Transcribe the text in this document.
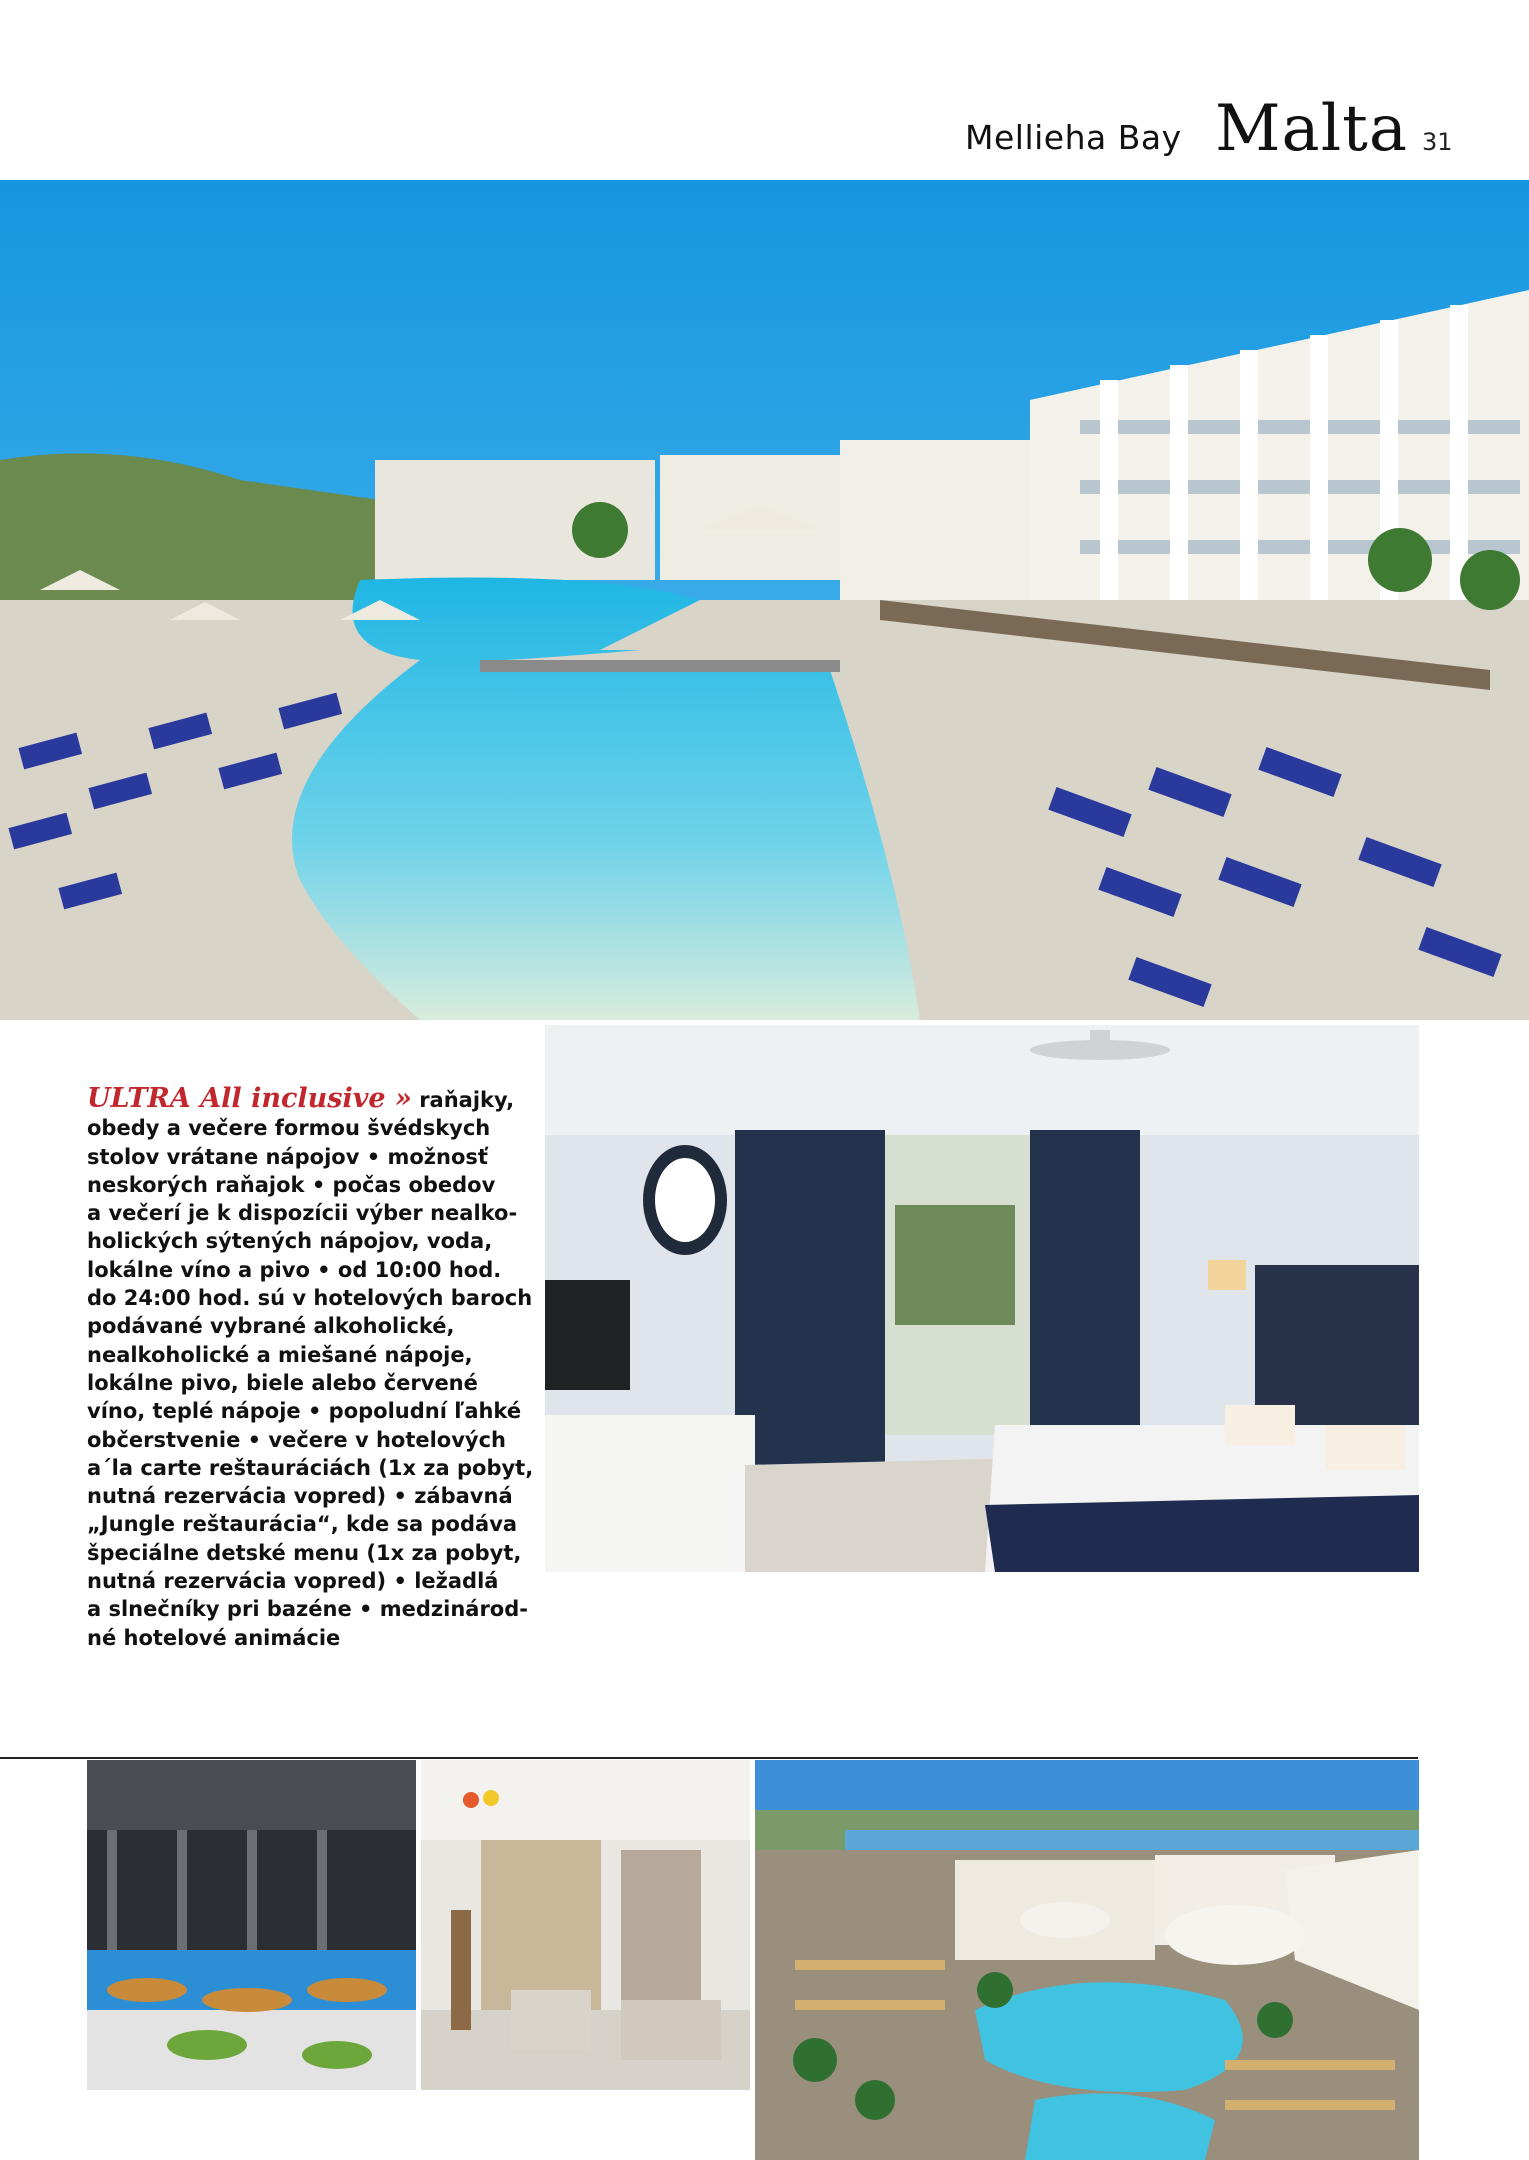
Mellieha Bay Malta 31
ULTRA All inclusive » raňajky,
obedy a večere formou švédskych
stolov vrátane nápojov • možnosť
neskorých raňajok • počas obedov
a večerí je k dispozícii výber nealko-
holických sýtených nápojov, voda,
lokálne víno a pivo • od 10:00 hod.
do 24:00 hod. sú v hotelových baroch
podávané vybrané alkoholické,
nealkoholické a miešané nápoje,
lokálne pivo, biele alebo červené
víno, teplé nápoje • popoludní ľahké
občerstvenie • večere v hotelových
a´la carte reštauráciách (1x za pobyt,
nutná rezervácia vopred) • zábavná
„Jungle reštaurácia“, kde sa podáva
špeciálne detské menu (1x za pobyt,
nutná rezervácia vopred) • ležadlá
a slnečníky pri bazéne • medzinárod-
né hotelové animácie
